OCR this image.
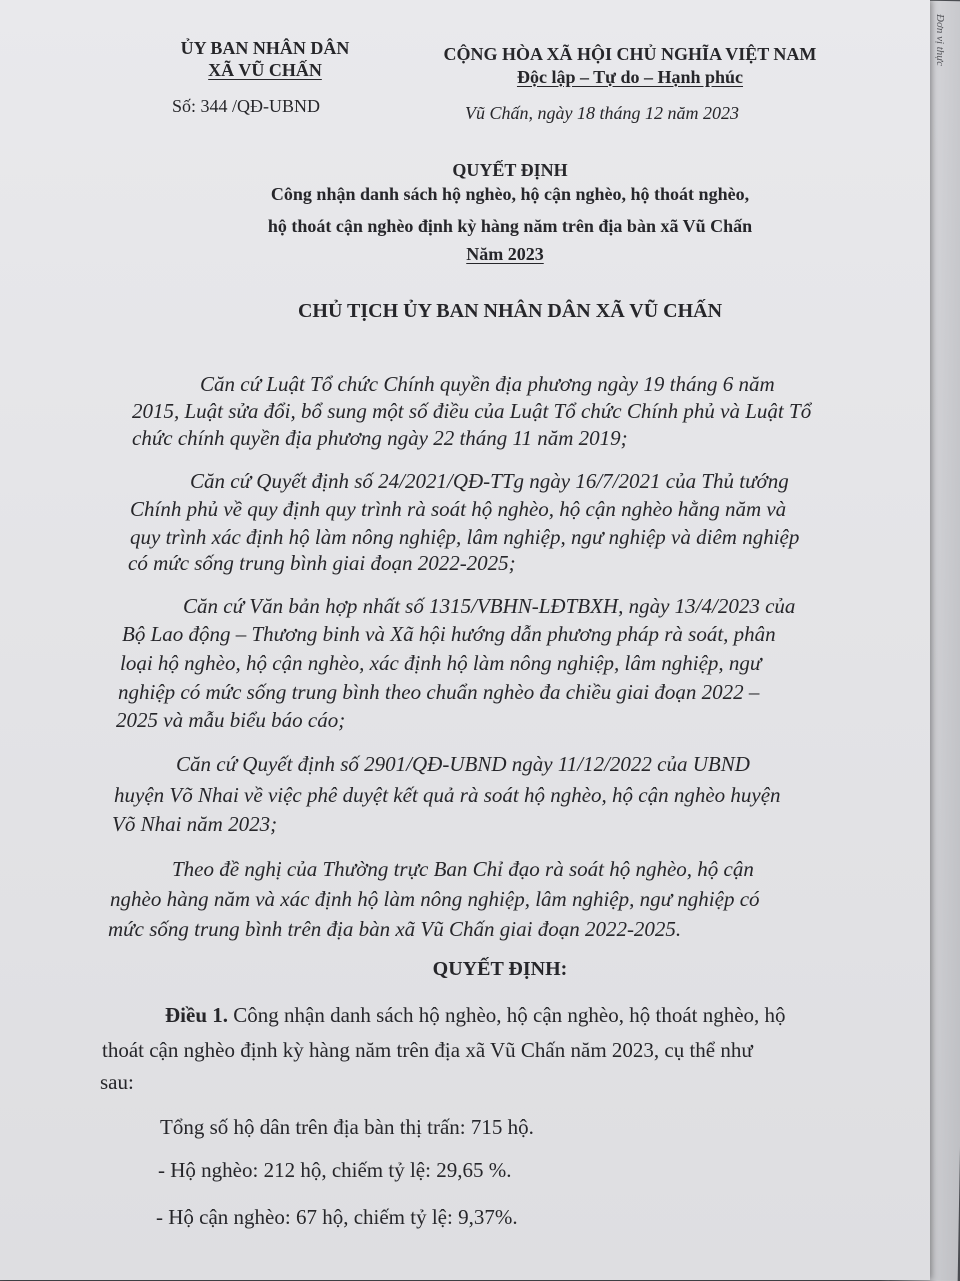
Đơn vị thực
ỦY BAN NHÂN DÂN
XÃ VŨ CHẤN
Số: 344 /QĐ-UBND
CỘNG HÒA XÃ HỘI CHỦ NGHĨA VIỆT NAM
Độc lập – Tự do – Hạnh phúc
Vũ Chấn, ngày 18 tháng 12 năm 2023
QUYẾT ĐỊNH
Công nhận danh sách hộ nghèo, hộ cận nghèo, hộ thoát nghèo,
hộ thoát cận nghèo định kỳ hàng năm trên địa bàn xã Vũ Chấn
Năm 2023
CHỦ TỊCH ỦY BAN NHÂN DÂN XÃ VŨ CHẤN
Căn cứ Luật Tổ chức Chính quyền địa phương ngày 19 tháng 6 năm
2015, Luật sửa đổi, bổ sung một số điều của Luật Tổ chức Chính phủ và Luật Tổ
chức chính quyền địa phương ngày 22 tháng 11 năm 2019;
Căn cứ Quyết định số 24/2021/QĐ-TTg ngày 16/7/2021 của Thủ tướng
Chính phủ về quy định quy trình rà soát hộ nghèo, hộ cận nghèo hằng năm và
quy trình xác định hộ làm nông nghiệp, lâm nghiệp, ngư nghiệp và diêm nghiệp
có mức sống trung bình giai đoạn 2022-2025;
Căn cứ Văn bản hợp nhất số 1315/VBHN-LĐTBXH, ngày 13/4/2023 của
Bộ Lao động – Thương binh và Xã hội hướng dẫn phương pháp rà soát, phân
loại hộ nghèo, hộ cận nghèo, xác định hộ làm nông nghiệp, lâm nghiệp, ngư
nghiệp có mức sống trung bình theo chuẩn nghèo đa chiều giai đoạn 2022 –
2025 và mẫu biểu báo cáo;
Căn cứ Quyết định số 2901/QĐ-UBND ngày 11/12/2022 của UBND
huyện Võ Nhai về việc phê duyệt kết quả rà soát hộ nghèo, hộ cận nghèo huyện
Võ Nhai năm 2023;
Theo đề nghị của Thường trực Ban Chỉ đạo rà soát hộ nghèo, hộ cận
nghèo hàng năm và xác định hộ làm nông nghiệp, lâm nghiệp, ngư nghiệp có
mức sống trung bình trên địa bàn xã Vũ Chấn giai đoạn 2022-2025.
QUYẾT ĐỊNH:
Điều 1. Công nhận danh sách hộ nghèo, hộ cận nghèo, hộ thoát nghèo, hộ
thoát cận nghèo định kỳ hàng năm trên địa xã Vũ Chấn năm 2023, cụ thể như
sau:
Tổng số hộ dân trên địa bàn thị trấn: 715 hộ.
- Hộ nghèo: 212 hộ, chiếm tỷ lệ: 29,65 %.
- Hộ cận nghèo: 67 hộ, chiếm tỷ lệ: 9,37%.
